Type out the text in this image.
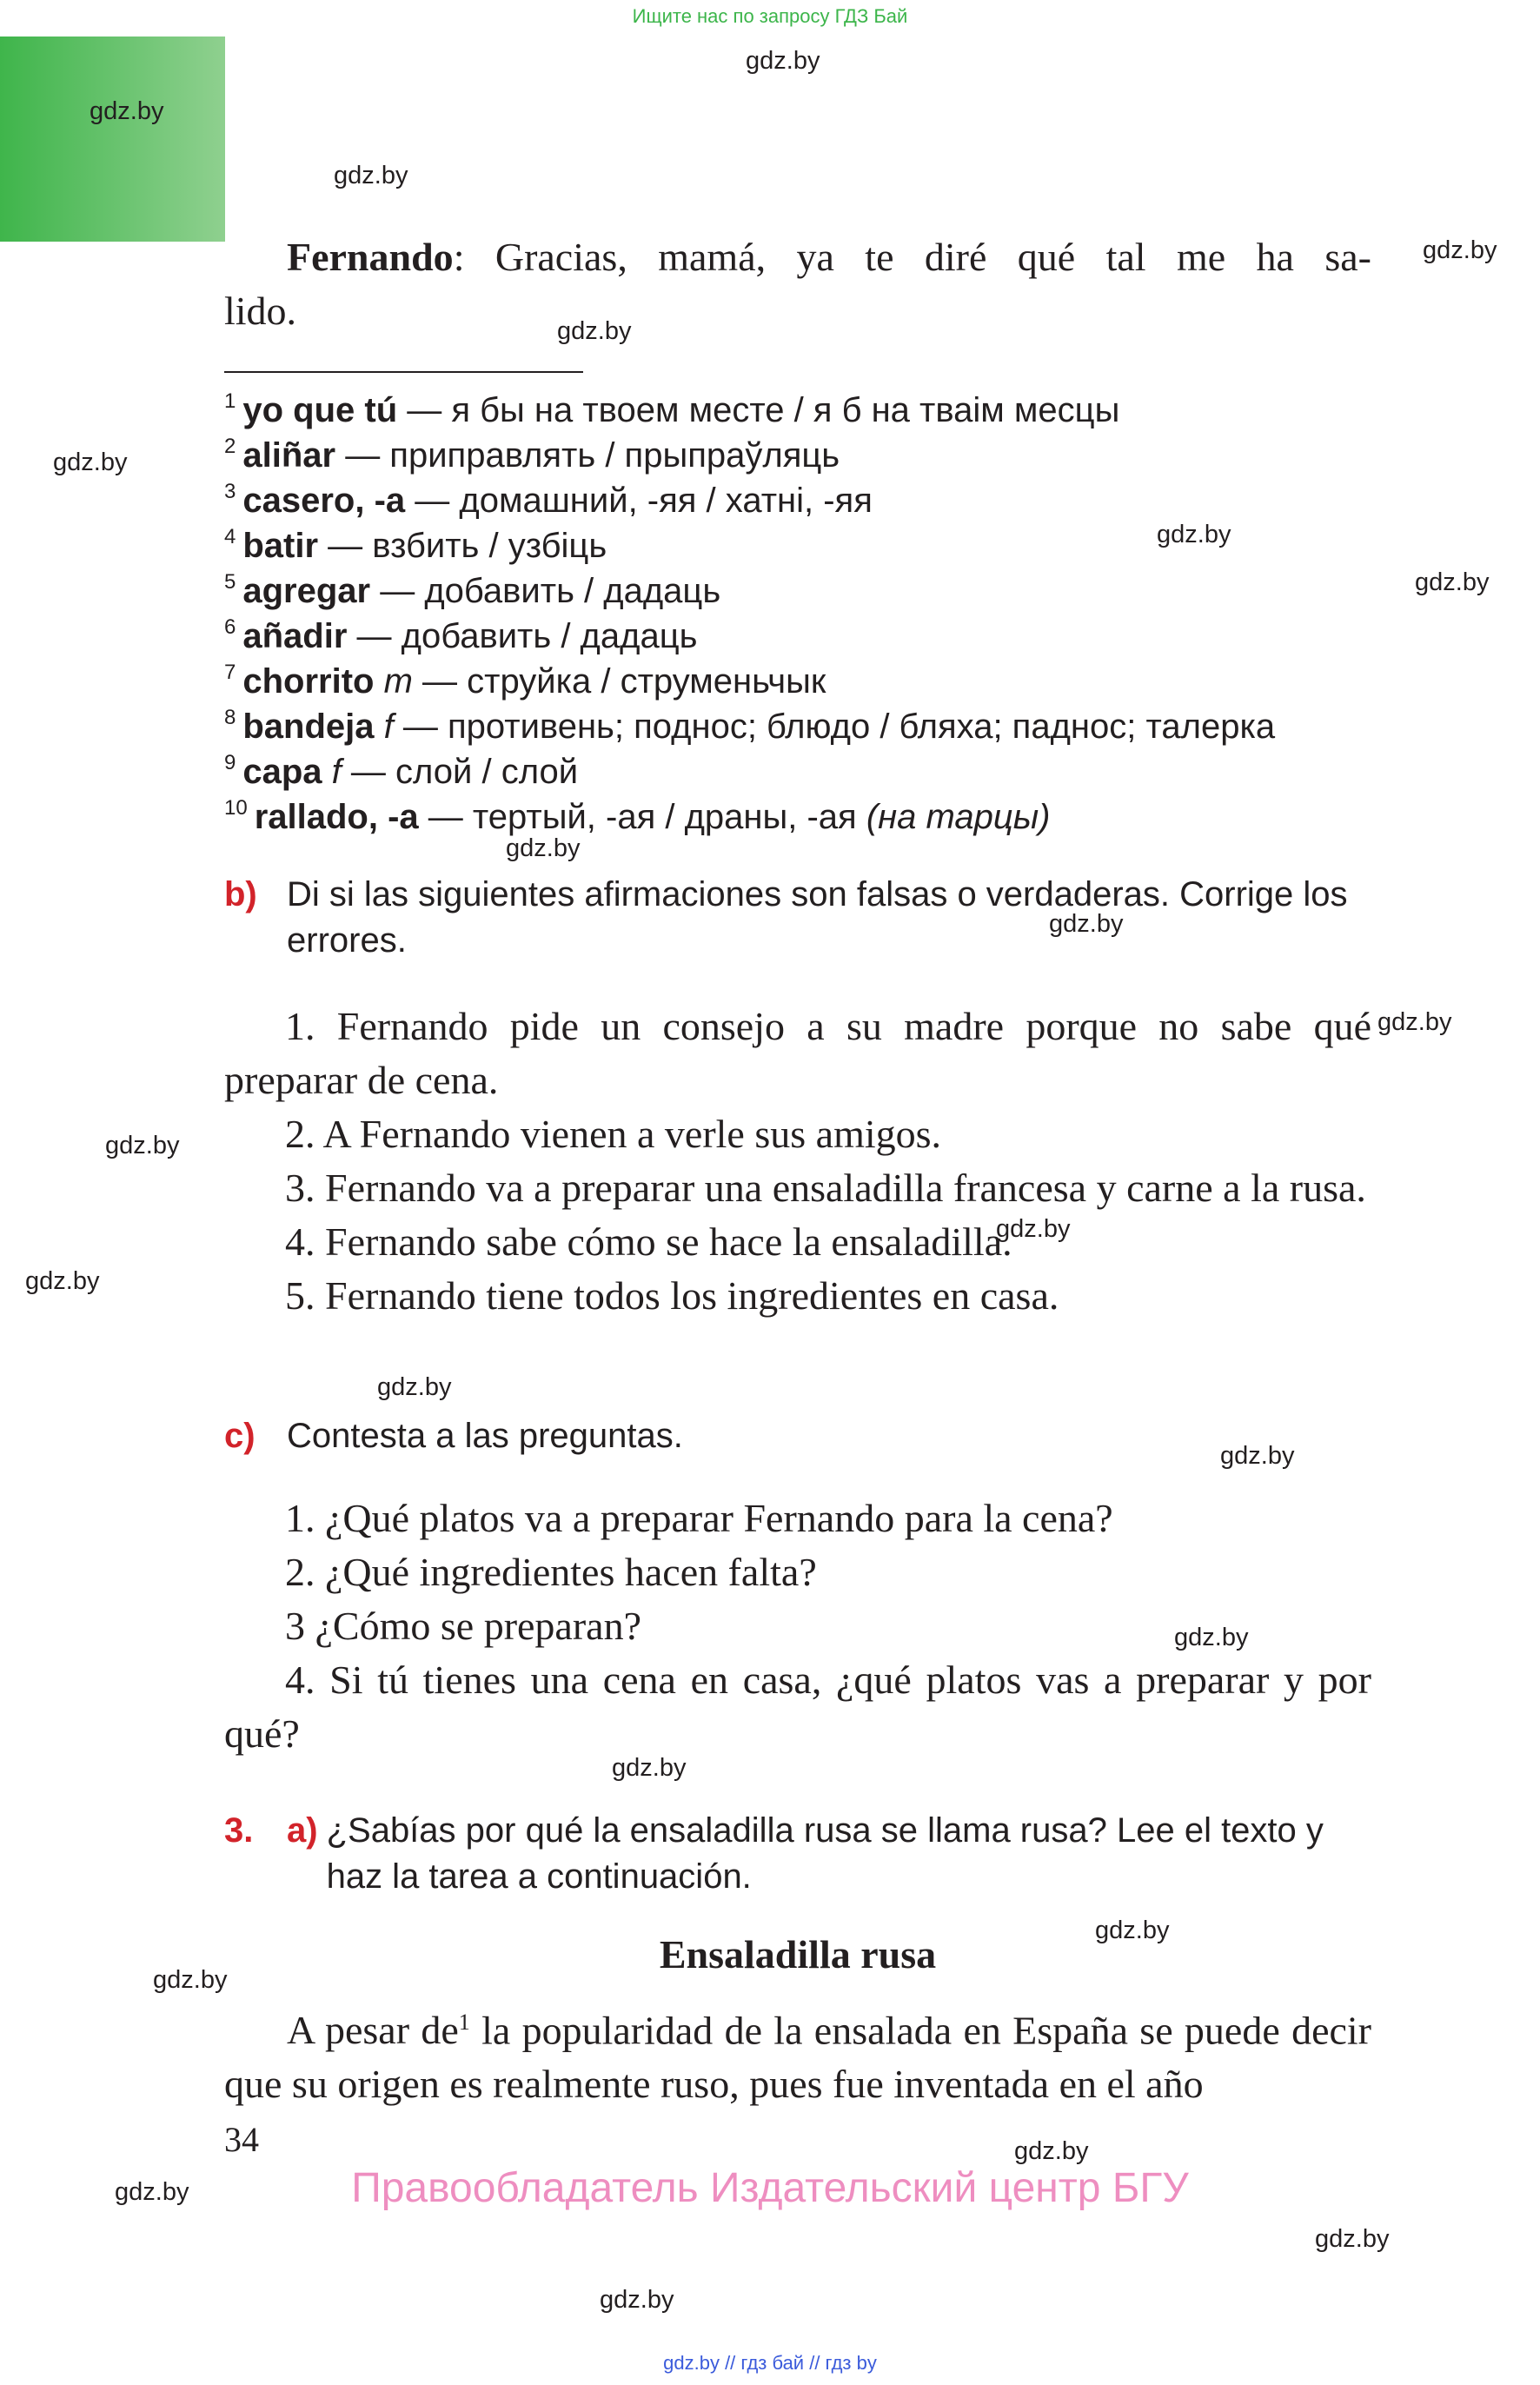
Ищите нас по запросу ГДЗ Бай
gdz.by
gdz.by
gdz.by
gdz.by
gdz.by
gdz.by
gdz.by
gdz.by
gdz.by
gdz.by
gdz.by
gdz.by
gdz.by
gdz.by
gdz.by
gdz.by
gdz.by
gdz.by
gdz.by
gdz.by
gdz.by
gdz.by
gdz.by
gdz.by
Fernando: Gracias, mamá, ya te diré qué tal me ha sa-
lido.
$^1$ yo que tú — я бы на твоем месте / я б на тваім месцы
$^2$ aliñar — приправлять / прыпраўляць
$^3$ casero, -a — домашний, -яя / хатні, -яя
$^4$ batir — взбить / узбіць
$^5$ agregar — добавить / дадаць
$^6$ añadir — добавить / дадаць
$^7$ chorrito m — струйка / струменьчык
$^8$ bandeja f — противень; поднос; блюдо / бляха; паднос; талерка
$^9$ capa f — слой / слой
$^{10}$ rallado, -a — тертый, -ая / драны, -ая (на тарцы)
b) Di si las siguientes afirmaciones son falsas o verdaderas. Corrige los errores.
1. Fernando pide un consejo a su madre porque no sabe qué preparar de cena.
2. A Fernando vienen a verle sus amigos.
3. Fernando va a preparar una ensaladilla francesa y carne a la rusa.
4. Fernando sabe cómo se hace la ensaladilla.
5. Fernando tiene todos los ingredientes en casa.
c) Contesta a las preguntas.
1. ¿Qué platos va a preparar Fernando para la cena?
2. ¿Qué ingredientes hacen falta?
3 ¿Cómo se preparan?
4. Si tú tienes una cena en casa, ¿qué platos vas a preparar y por qué?
3. a) ¿Sabías por qué la ensaladilla rusa se llama rusa? Lee el texto y haz la tarea a continuación.
Ensaladilla rusa
A pesar $de^1$ la popularidad de la ensalada en España se puede decir que su origen es realmente ruso, pues fue inventada en el año
34
Правообладатель Издательский центр БГУ
gdz.by // гдз бай // гдз by
